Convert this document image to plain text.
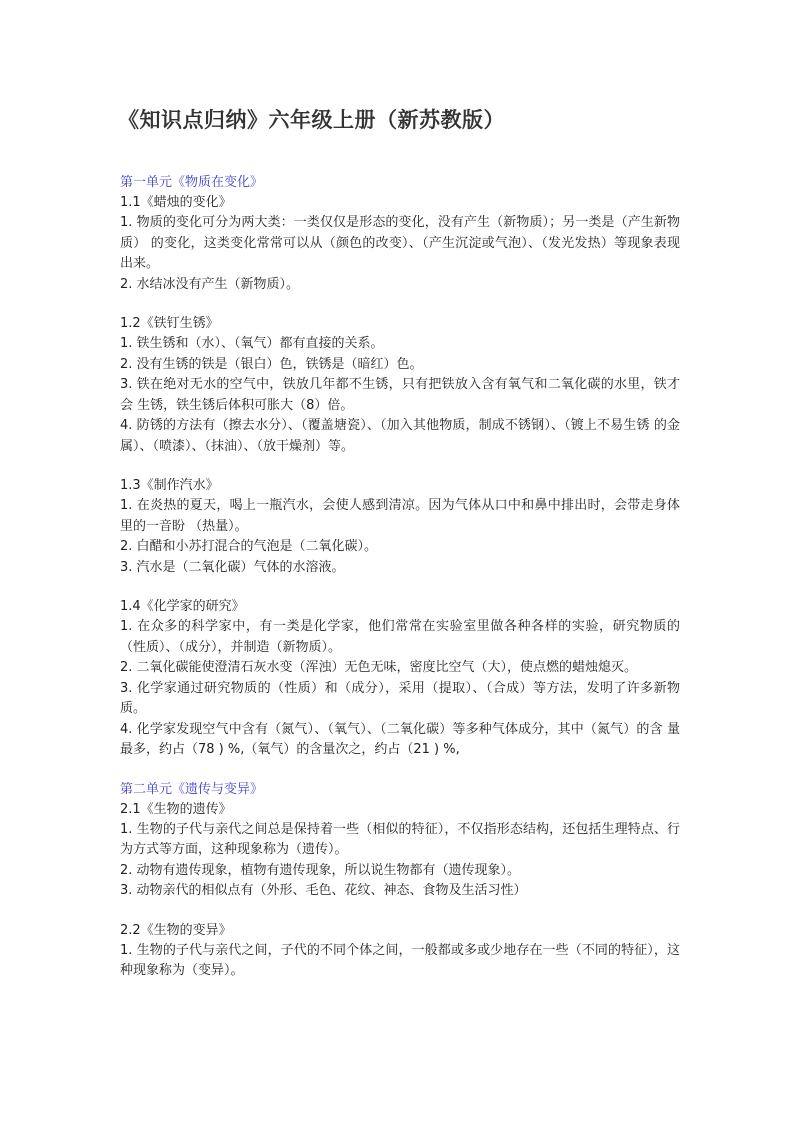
《知识点归纳》六年级上册（新苏教版）

第一单元《物质在变化》

1.1《蜡烛的变化》

1. 物质的变化可分为两大类：一类仅仅是形态的变化，没有产生（新物质）；另一类是（产生新物质） 的变化，这类变化常常可以从（颜色的改变）、（产生沉淀或气泡）、（发光发热）等现象表现出来。

2. 水结冰没有产生（新物质）。

1.2《铁钉生锈》

1. 铁生锈和（水）、（氧气）都有直接的关系。

2. 没有生锈的铁是（银白）色，铁锈是（暗红）色。

3. 铁在绝对无水的空气中，铁放几年都不生锈，只有把铁放入含有氧气和二氧化碳的水里，铁才会 生锈，铁生锈后体积可胀大（8）倍。

4. 防锈的方法有（擦去水分）、（覆盖塘瓷）、（加入其他物质，制成不锈钢）、（镀上不易生锈 的金属）、（喷漆）、（抹油）、（放干燥剂）等。

1.3《制作汽水》

1. 在炎热的夏天，喝上一瓶汽水，会使人感到清凉。因为气体从口中和鼻中排出时，会带走身体里的一音盼 （热量）。

2. 白醋和小苏打混合的气泡是（二氧化碳）。

3. 汽水是（二氧化碳）气体的水溶液。

1.4《化学家的研究》

1. 在众多的科学家中，有一类是化学家，他们常常在实验室里做各种各样的实验，研究物质的 （性质）、（成分），并制造（新物质）。

2. 二氧化碳能使澄清石灰水变（浑浊）无色无味，密度比空气（大），使点燃的蜡烛熄灭。

3. 化学家通过研究物质的（性质）和（成分），采用（提取）、（合成）等方法，发明了许多新物质。

4. 化学家发现空气中含有（氮气）、（氧气）、（二氧化碳）等多种气体成分，其中（氮气）的含 量最多，约占（78 ) %,（氧气）的含量次之，约占（21 ) %,

第二单元《遗传与变异》

2.1《生物的遗传》

1. 生物的子代与亲代之间总是保持着一些（相似的特征），不仅指形态结构，还包括生理特点、行 为方式等方面，这种现象称为（遗传）。

2. 动物有遗传现象，植物有遗传现象，所以说生物都有（遗传现象）。

3. 动物亲代的相似点有（外形、毛色、花纹、神态、食物及生活习性）

2.2《生物的变异》

1. 生物的子代与亲代之间，子代的不同个体之间，一般都或多或少地存在一些（不同的特征），这 种现象称为（变异）。
